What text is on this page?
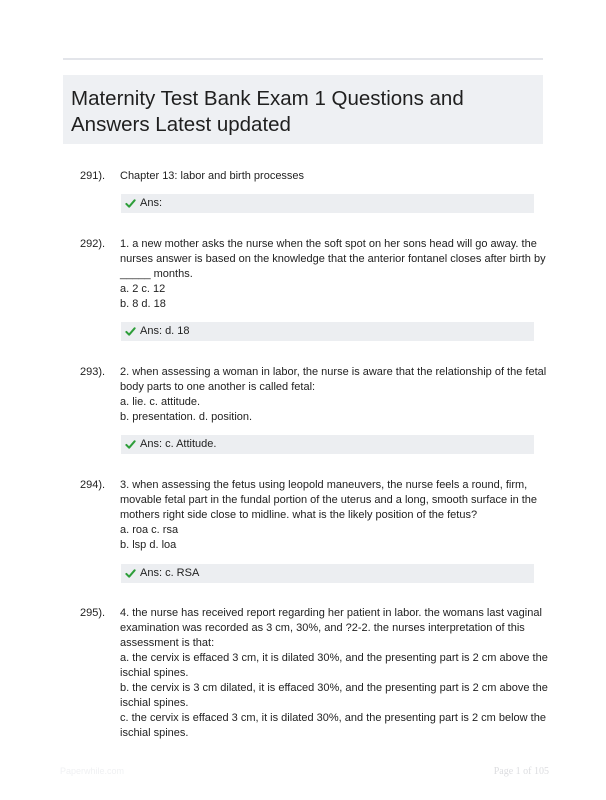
Maternity Test Bank Exam 1 Questions and
Answers Latest updated
291). Chapter 13: labor and birth processes
Ans:
292). 1. a new mother asks the nurse when the soft spot on her sons head will go away. the
nurses answer is based on the knowledge that the anterior fontanel closes after birth by
_____ months.
a. 2 c. 12
b. 8 d. 18
Ans: d. 18
293). 2. when assessing a woman in labor, the nurse is aware that the relationship of the fetal
body parts to one another is called fetal:
a. lie. c. attitude.
b. presentation. d. position.
Ans: c. Attitude.
294). 3. when assessing the fetus using leopold maneuvers, the nurse feels a round, firm,
movable fetal part in the fundal portion of the uterus and a long, smooth surface in the
mothers right side close to midline. what is the likely position of the fetus?
a. roa c. rsa
b. lsp d. loa
Ans: c. RSA
295). 4. the nurse has received report regarding her patient in labor. the womans last vaginal
examination was recorded as 3 cm, 30%, and ?2-2. the nurses interpretation of this
assessment is that:
a. the cervix is effaced 3 cm, it is dilated 30%, and the presenting part is 2 cm above the
ischial spines.
b. the cervix is 3 cm dilated, it is effaced 30%, and the presenting part is 2 cm above the
ischial spines.
c. the cervix is effaced 3 cm, it is dilated 30%, and the presenting part is 2 cm below the
ischial spines.
Paperwhile.com	Page 1 of 105
